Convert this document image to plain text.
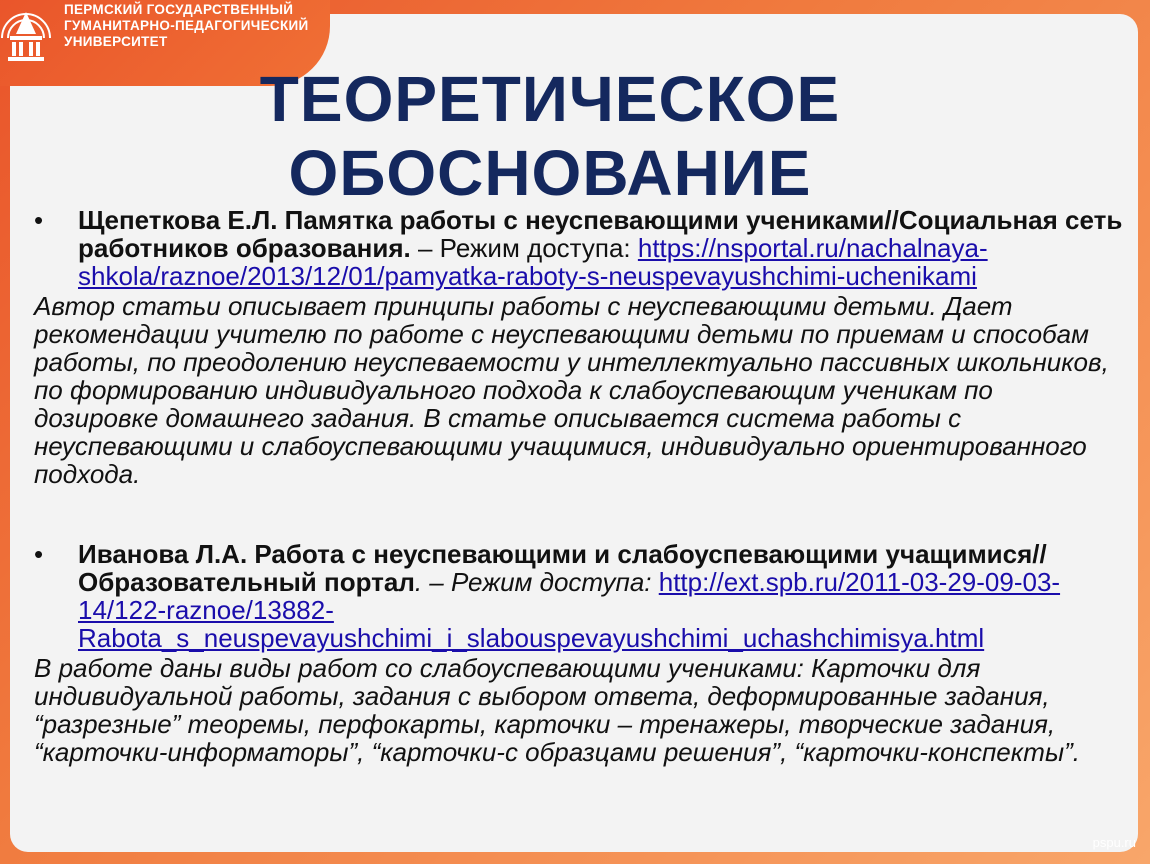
ПЕРМСКИЙ ГОСУДАРСТВЕННЫЙ
ГУМАНИТАРНО-ПЕДАГОГИЧЕСКИЙ
УНИВЕРСИТЕТ
ТЕОРЕТИЧЕСКОЕ
ОБОСНОВАНИЕ
•	Щепеткова Е.Л. Памятка работы с неуспевающими учениками//Социальная сеть работников образования. – Режим доступа: https://nsportal.ru/nachalnaya-shkola/raznoe/2013/12/01/pamyatka-raboty-s-neuspevayushchimi-uchenikami
Автор статьи описывает принципы работы с неуспевающими детьми. Дает рекомендации учителю по работе с неуспевающими детьми по приемам и способам работы, по преодолению неуспеваемости у интеллектуально пассивных школьников, по формированию индивидуального подхода к слабоуспевающим ученикам по дозировке домашнего задания. В статье описывается система работы с неуспевающими и слабоуспевающими учащимися, индивидуально ориентированного подхода.
•	Иванова Л.А. Работа с неуспевающими и слабоуспевающими учащимися//Образовательный портал. – Режим доступа: http://ext.spb.ru/2011-03-29-09-03-14/122-raznoe/13882-Rabota_s_neuspevayushchimi_i_slabouspevayushchimi_uchashchimisya.html
В работе даны виды работ со слабоуспевающими учениками: Карточки для индивидуальной работы, задания с выбором ответа, деформированные задания, “разрезные” теоремы, перфокарты, карточки – тренажеры, творческие задания, “карточки-информаторы”, “карточки-с образцами решения”, “карточки-конспекты”.
pspu.ru
